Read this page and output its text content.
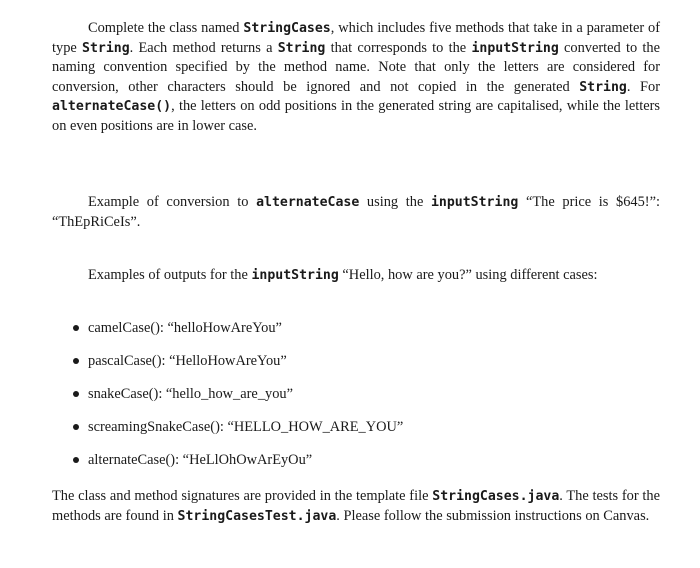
Complete the class named StringCases, which includes five methods that take in a parameter of type String. Each method returns a String that corresponds to the inputString converted to the naming convention specified by the method name. Note that only the letters are considered for conversion, other characters should be ignored and not copied in the generated String. For alternateCase(), the letters on odd positions in the generated string are capitalised, while the letters on even positions are in lower case.

Example of conversion to alternateCase using the inputString “The price is $645!”: “ThEpRiCeIs”.

Examples of outputs for the inputString “Hello, how are you?” using different cases:

camelCase(): “helloHowAreYou”
pascalCase(): “HelloHowAreYou”
snakeCase(): “hello_how_are_you”
screamingSnakeCase(): “HELLO_HOW_ARE_YOU”
alternateCase(): “HeLlOhOwArEyOu”

The class and method signatures are provided in the template file StringCases.java. The tests for the methods are found in StringCasesTest.java. Please follow the submission instructions on Canvas.
